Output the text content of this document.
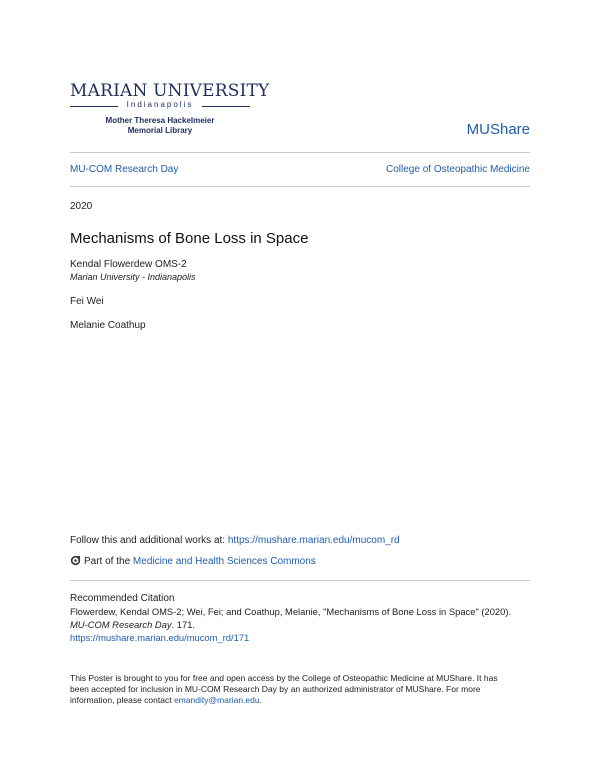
MARIAN UNIVERSITY
Indianapolis
Mother Theresa Hackelmeier
Memorial Library	MUShare
MU-COM Research Day	College of Osteopathic Medicine
2020
Mechanisms of Bone Loss in Space
Kendal Flowerdew OMS-2
Marian University - Indianapolis
Fei Wei
Melanie Coathup
Follow this and additional works at: https://mushare.marian.edu/mucom_rd
Part of the Medicine and Health Sciences Commons
Recommended Citation
Flowerdew, Kendal OMS-2; Wei, Fei; and Coathup, Melanie, "Mechanisms of Bone Loss in Space" (2020).
MU-COM Research Day. 171.
https://mushare.marian.edu/mucom_rd/171
This Poster is brought to you for free and open access by the College of Osteopathic Medicine at MUShare. It has
been accepted for inclusion in MU-COM Research Day by an authorized administrator of MUShare. For more
information, please contact emandity@marian.edu.
